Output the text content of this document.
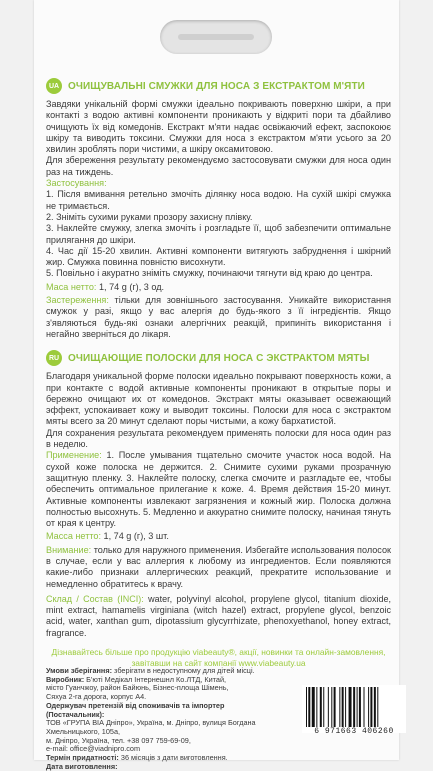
UA ОЧИЩУВАЛЬНІ СМУЖКИ ДЛЯ НОСА З ЕКСТРАКТОМ М'ЯТИ

Завдяки унікальній формі смужки ідеально покривають поверхню шкіри, а при контакті з водою активні компоненти проникають у відкриті пори та дбайливо очищують їх від комедонів. Екстракт м'яти надає освіжаючий ефект, заспокоює шкіру та виводить токсини. Смужки для носа з екстрактом м'яти усього за 20 хвилин зроблять пори чистими, а шкіру оксамитовою.

Для збереження результату рекомендуємо застосовувати смужки для носа один раз на тиждень.

Застосування:

1. Після вмивання ретельно змочіть ділянку носа водою. На сухій шкірі смужка не тримається.

2. Зніміть сухими руками прозору захисну плівку.

3. Наклейте смужку, злегка змочіть і розгладьте її, щоб забезпечити оптимальне прилягання до шкіри.

4. Час дії 15-20 хвилин. Активні компоненти витягують забруднення і шкірний жир. Смужка повинна повністю висохнути.

5. Повільно і акуратно зніміть смужку, починаючи тягнути від краю до центра.

Маса нетто: 1, 74 g (г), 3 од.

Застереження: тільки для зовнішнього застосування. Уникайте використання смужок у разі, якщо у вас алергія до будь-якого з її інгредієнтів. Якщо з'являються будь-які ознаки алергічних реакцій, припиніть використання і негайно зверніться до лікаря.

RU ОЧИЩАЮЩИЕ ПОЛОСКИ ДЛЯ НОСА С ЭКСТРАКТОМ МЯТЫ

Благодаря уникальной форме полоски идеально покрывают поверхность кожи, а при контакте с водой активные компоненты проникают в открытые поры и бережно очищают их от комедонов. Экстракт мяты оказывает освежающий эффект, успокаивает кожу и выводит токсины. Полоски для носа с экстрактом мяты всего за 20 минут сделают поры чистыми, а кожу бархатистой.

Для сохранения результата рекомендуем применять полоски для носа один раз в неделю.

Применение: 1. После умывания тщательно смочите участок носа водой. На сухой коже полоска не держится. 2. Снимите сухими руками прозрачную защитную пленку. 3. Наклейте полоску, слегка смочите и разгладьте ее, чтобы обеспечить оптимальное прилегание к коже. 4. Время действия 15-20 минут. Активные компоненты извлекают загрязнения и кожный жир. Полоска должна полностью высохнуть. 5. Медленно и аккуратно снимите полоску, начиная тянуть от края к центру.

Масса нетто: 1, 74 g (г), 3 шт.

Внимание: только для наружного применения. Избегайте использования полосок в случае, если у вас аллергия к любому из ингредиентов. Если появляются какие-либо признаки аллергических реакций, прекратите использование и немедленно обратитесь к врачу.

Склад / Состав (INCI): water, polyvinyl alcohol, propylene glycol, titanium dioxide, mint extract, hamamelis virginiana (witch hazel) extract, propylene glycol, benzoic acid, water, xanthan gum, dipotassium glycyrrhizate, phenoxyethanol, honey extract, fragrance.

Дізнавайтесь більше про продукцію viabeauty®, акції, новинки та онлайн-замовлення,
завітавши на сайт компанії www.viabeauty.ua

Умови зберігання: зберігати в недоступному для дітей місці.

Виробник: Б'юті Медікал Інтернешнл Ко.ЛТД, Китай,

місто Гуанчжоу, район Байюнь, Бізнес-площа Шімень,

Сяхуа 2-га дорога, корпус А4.

Одержувач претензій від споживачів та імпортер (Постачальник):

ТОВ «ГРУПА ВІА Дніпро», Україна, м. Дніпро, вулиця Богдана Хмельницького, 105а,

м. Дніпро, Україна, тел. +38 097 759-69-09,

e-mail: office@viadnipro.com

Термін придатності: 36 місяців з дати виготовлення.

Дата виготовлення:

6 971663 406260
